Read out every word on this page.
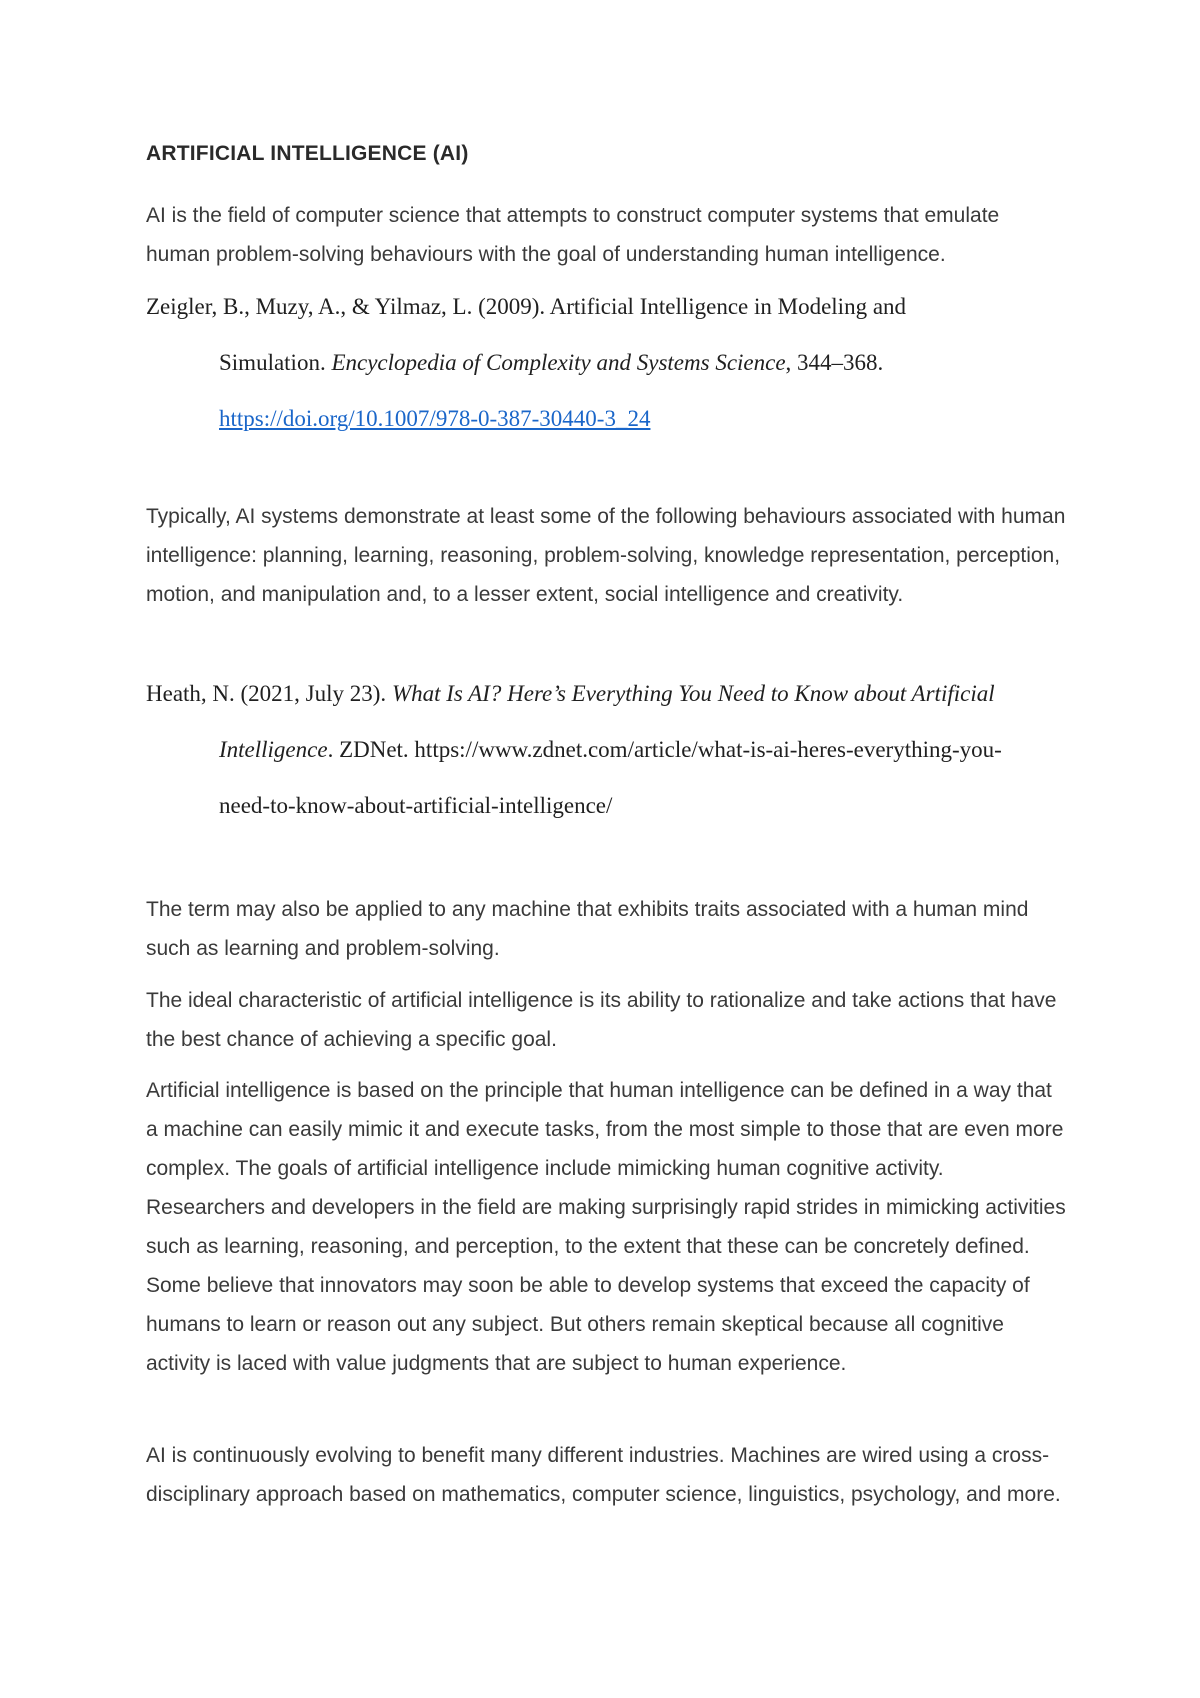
ARTIFICIAL INTELLIGENCE (AI)

AI is the field of computer science that attempts to construct computer systems that emulate human problem-solving behaviours with the goal of understanding human intelligence.

Zeigler, B., Muzy, A., & Yilmaz, L. (2009). Artificial Intelligence in Modeling and
Simulation. Encyclopedia of Complexity and Systems Science, 344–368.
https://doi.org/10.1007/978-0-387-30440-3_24

Typically, AI systems demonstrate at least some of the following behaviours associated with human intelligence: planning, learning, reasoning, problem-solving, knowledge representation, perception, motion, and manipulation and, to a lesser extent, social intelligence and creativity.

Heath, N. (2021, July 23). What Is AI? Here’s Everything You Need to Know about Artificial
Intelligence. ZDNet. https://www.zdnet.com/article/what-is-ai-heres-everything-you-
need-to-know-about-artificial-intelligence/

The term may also be applied to any machine that exhibits traits associated with a human mind such as learning and problem-solving.

The ideal characteristic of artificial intelligence is its ability to rationalize and take actions that have the best chance of achieving a specific goal.

Artificial intelligence is based on the principle that human intelligence can be defined in a way that a machine can easily mimic it and execute tasks, from the most simple to those that are even more complex. The goals of artificial intelligence include mimicking human cognitive activity. Researchers and developers in the field are making surprisingly rapid strides in mimicking activities such as learning, reasoning, and perception, to the extent that these can be concretely defined. Some believe that innovators may soon be able to develop systems that exceed the capacity of humans to learn or reason out any subject. But others remain skeptical because all cognitive activity is laced with value judgments that are subject to human experience.

AI is continuously evolving to benefit many different industries. Machines are wired using a cross-disciplinary approach based on mathematics, computer science, linguistics, psychology, and more.
